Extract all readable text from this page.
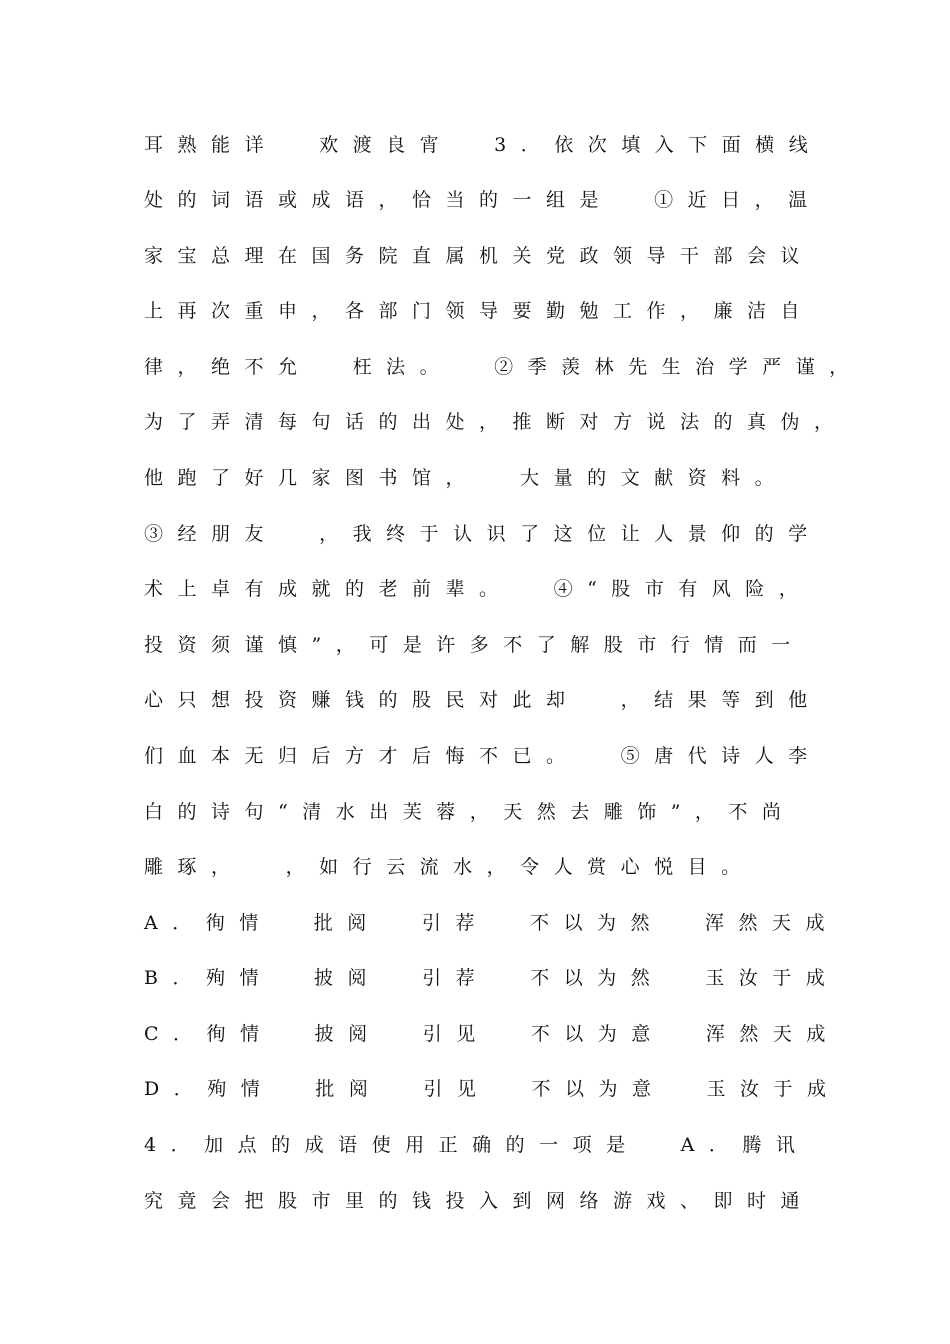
耳熟能详  欢渡良宵  3．依次填入下面横线
处的词语或成语，恰当的一组是  ①近日，温
家宝总理在国务院直属机关党政领导干部会议
上再次重申，各部门领导要勤勉工作，廉洁自
律，绝不允  枉法。  ②季羡林先生治学严谨，
为了弄清每句话的出处，推断对方说法的真伪，
他跑了好几家图书馆，  大量的文献资料。
③经朋友  ，我终于认识了这位让人景仰的学
术上卓有成就的老前辈。  ④“股市有风险，
投资须谨慎”，可是许多不了解股市行情而一
心只想投资赚钱的股民对此却  ，结果等到他
们血本无归后方才后悔不已。  ⑤唐代诗人李
白的诗句“清水出芙蓉，天然去雕饰”，不尚
雕琢，  ，如行云流水，令人赏心悦目。
A．徇情  批阅  引荐  不以为然  浑然天成
B．殉情  披阅  引荐  不以为然  玉汝于成
C．徇情  披阅  引见  不以为意  浑然天成
D．殉情  批阅  引见  不以为意  玉汝于成
4．加点的成语使用正确的一项是  A．腾讯
究竟会把股市里的钱投入到网络游戏、即时通
